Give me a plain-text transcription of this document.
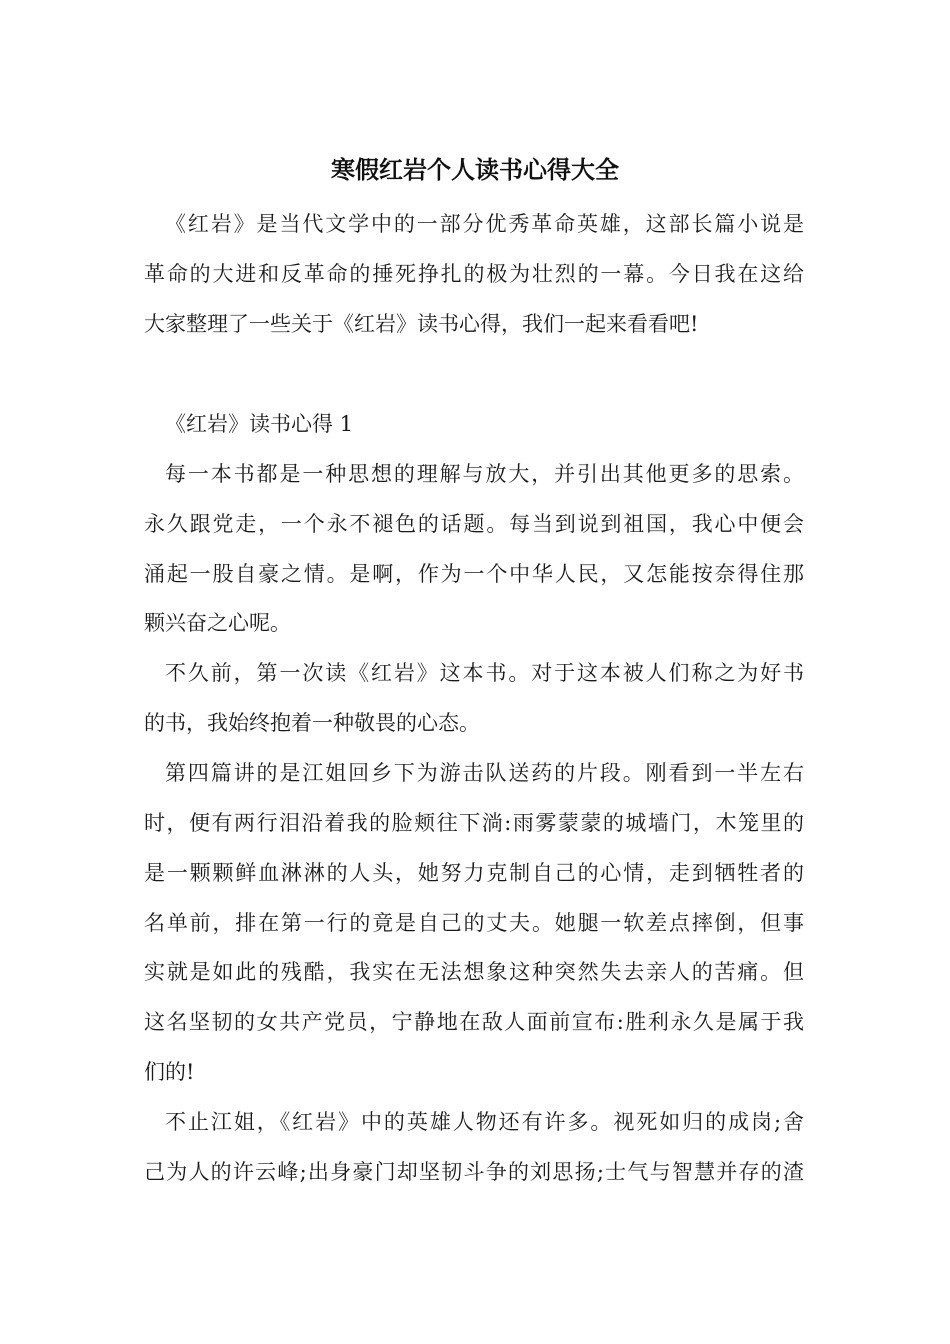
寒假红岩个人读书心得大全

《红岩》是当代文学中的一部分优秀革命英雄，这部长篇小说是

革命的大进和反革命的捶死挣扎的极为壮烈的一幕。今日我在这给

大家整理了一些关于《红岩》读书心得，我们一起来看看吧!

《红岩》读书心得 1

每一本书都是一种思想的理解与放大，并引出其他更多的思索。

永久跟党走，一个永不褪色的话题。每当到说到祖国，我心中便会

涌起一股自豪之情。是啊，作为一个中华人民，又怎能按奈得住那

颗兴奋之心呢。

不久前，第一次读《红岩》这本书。对于这本被人们称之为好书

的书，我始终抱着一种敬畏的心态。

第四篇讲的是江姐回乡下为游击队送药的片段。刚看到一半左右

时，便有两行泪沿着我的脸颊往下淌:雨雾蒙蒙的城墙门，木笼里的

是一颗颗鲜血淋淋的人头，她努力克制自己的心情，走到牺牲者的

名单前，排在第一行的竟是自己的丈夫。她腿一软差点摔倒，但事

实就是如此的残酷，我实在无法想象这种突然失去亲人的苦痛。但

这名坚韧的女共产党员，宁静地在敌人面前宣布:胜利永久是属于我

们的!

不止江姐，《红岩》中的英雄人物还有许多。视死如归的成岗;舍

己为人的许云峰;出身豪门却坚韧斗争的刘思扬;士气与智慧并存的渣
